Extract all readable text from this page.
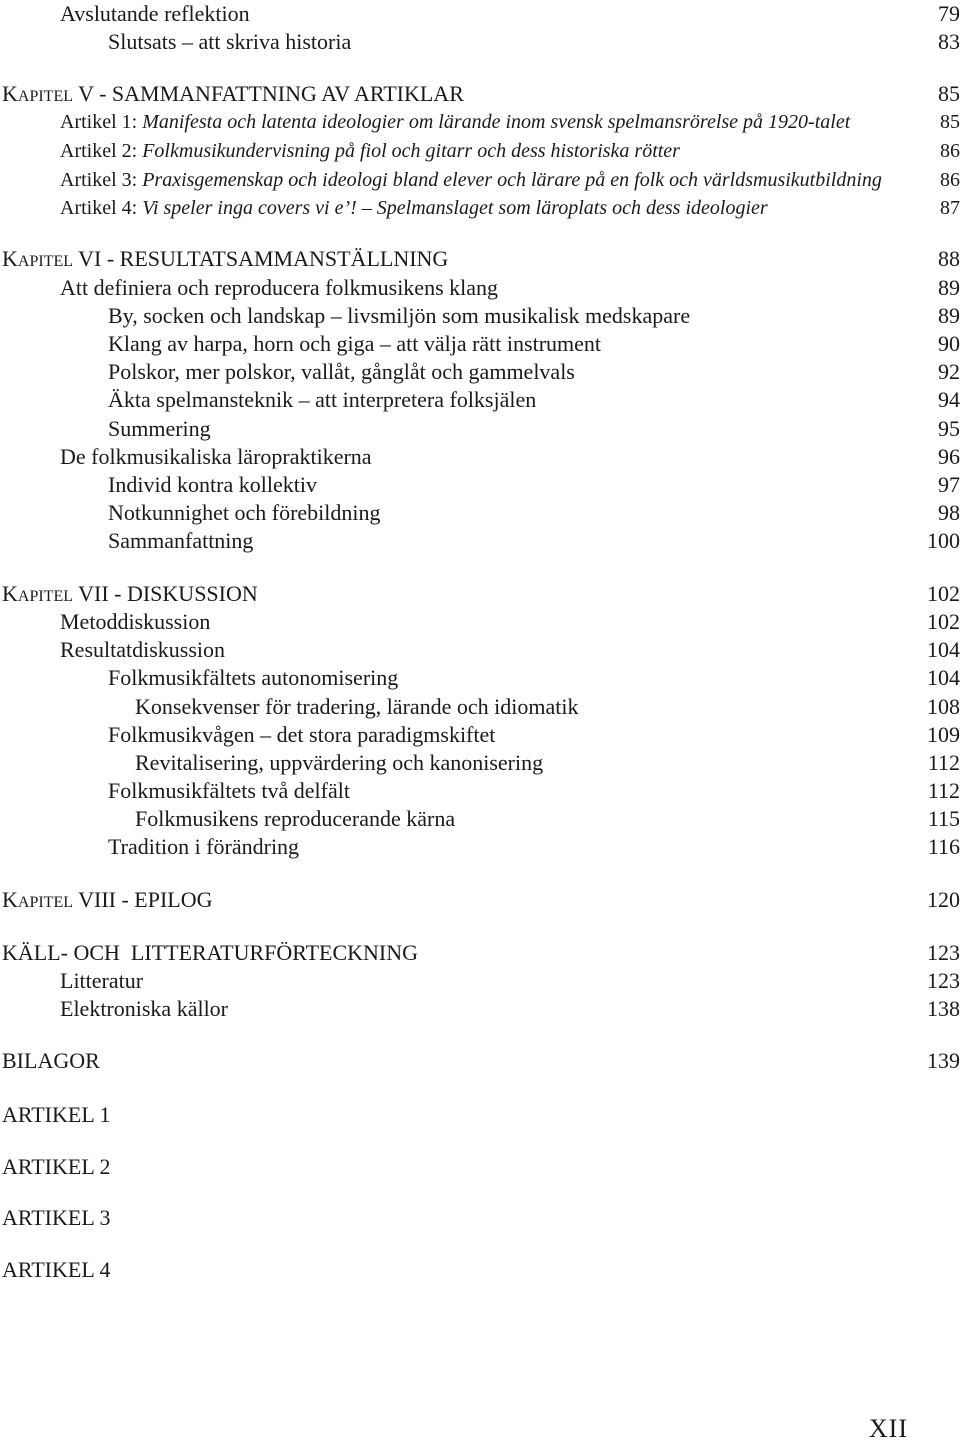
Avslutande reflektion	79
Slutsats – att skriva historia	83
KAPITEL V - SAMMANFATTNING AV ARTIKLAR	85
Artikel 1: Manifesta och latenta ideologier om lärande inom svensk spelmansrörelse på 1920-talet	85
Artikel 2: Folkmusikundervisning på fiol och gitarr och dess historiska rötter	86
Artikel 3: Praxisgemenskap och ideologi bland elever och lärare på en folk och världsmusikutbildning	86
Artikel 4: Vi speler inga covers vi e’! – Spelmanslaget som läroplats och dess ideologier	87
KAPITEL VI - RESULTATSAMMANSTÄLLNING	88
Att definiera och reproducera folkmusikens klang	89
By, socken och landskap – livsmiljön som musikalisk medskapare	89
Klang av harpa, horn och giga – att välja rätt instrument	90
Polskor, mer polskor, vallåt, gånglåt och gammelvals	92
Äkta spelmansteknik – att interpretera folksjälen	94
Summering	95
De folkmusikaliska läropraktikerna	96
Individ kontra kollektiv	97
Notkunnighet och förebildning	98
Sammanfattning	100
KAPITEL VII - DISKUSSION	102
Metoddiskussion	102
Resultatdiskussion	104
Folkmusikfältets autonomisering	104
Konsekvenser för tradering, lärande och idiomatik	108
Folkmusikvågen – det stora paradigmskiftet	109
Revitalisering, uppvärdering och kanonisering	112
Folkmusikfältets två delfält	112
Folkmusikens reproducerande kärna	115
Tradition i förändring	116
KAPITEL VIII - EPILOG	120
KÄLL- OCH  LITTERATURFÖRTECKNING	123
Litteratur	123
Elektroniska källor	138
BILAGOR	139
ARTIKEL 1
ARTIKEL 2
ARTIKEL 3
ARTIKEL 4
XII
